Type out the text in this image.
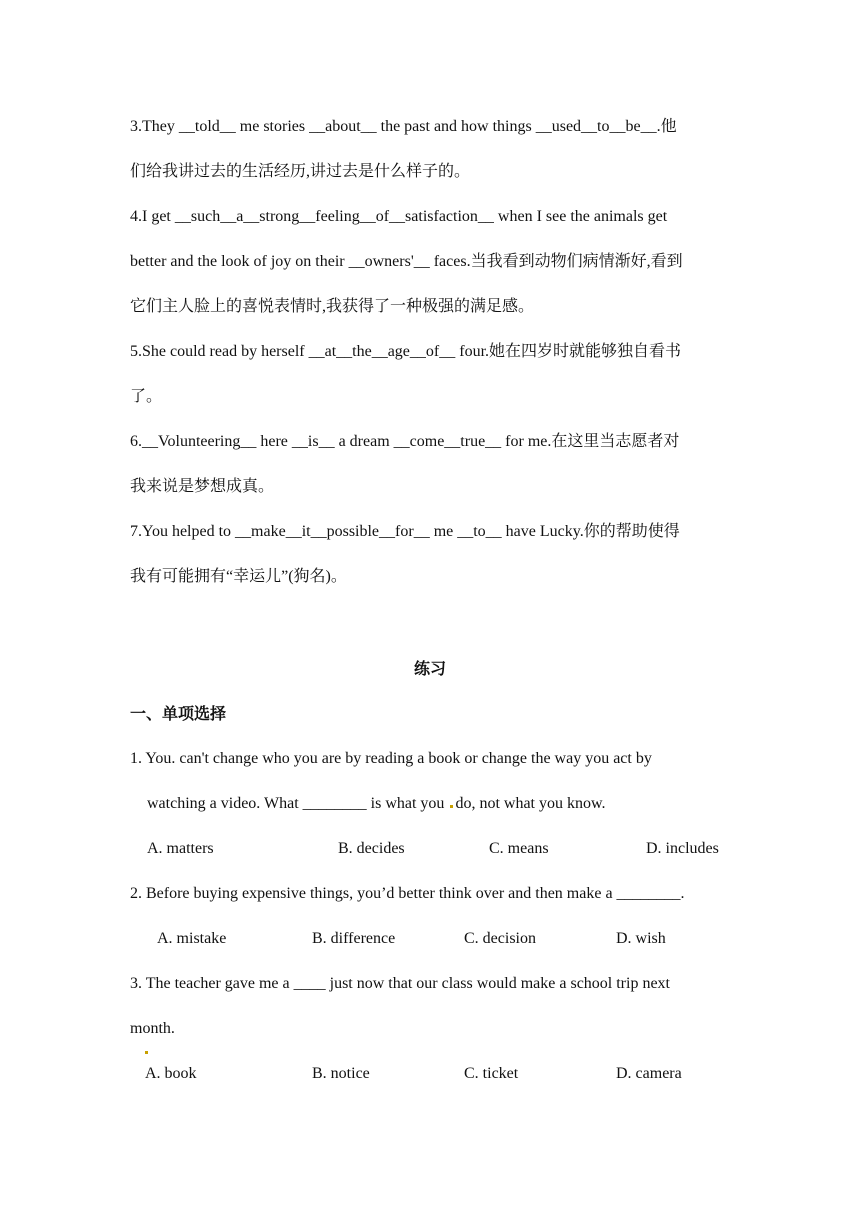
3.They __told__ me stories __about__ the past and how things __used__to__be__.他

们给我讲过去的生活经历,讲过去是什么样子的。

4.I get __such__a__strong__feeling__of__satisfaction__ when I see the animals get

better and the look of joy on their __owners'__ faces.当我看到动物们病情渐好,看到

它们主人脸上的喜悦表情时,我获得了一种极强的满足感。

5.She could read by herself __at__the__age__of__ four.她在四岁时就能够独自看书

了。

6.__Volunteering__ here __is__ a dream __come__true__ for me.在这里当志愿者对

我来说是梦想成真。

7.You helped to __make__it__possible__for__ me __to__ have Lucky.你的帮助使得

我有可能拥有“幸运儿”(狗名)。

练习

一、单项选择

1. You. can't change who you are by reading a book or change the way you act by

watching a video. What ________ is what you do, not what you know.

A. matters	B. decides	C. means	D. includes

2. Before buying expensive things, you’d better think over and then make a ________.

A. mistake	B. difference	C. decision	D. wish

3. The teacher gave me a ____ just now that our class would make a school trip next

month.

A. book	B. notice	C. ticket	D. camera
